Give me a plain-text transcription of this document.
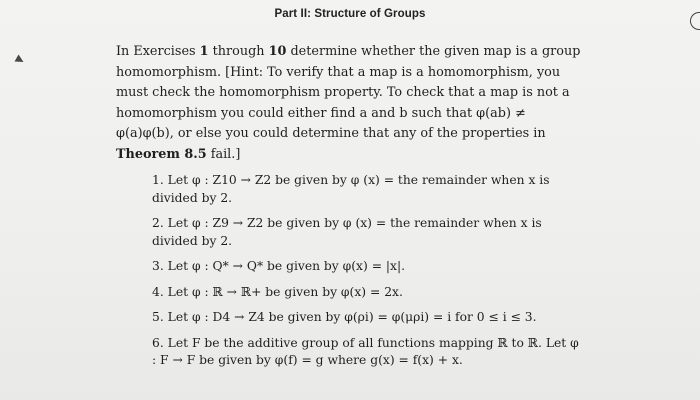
Part II: Structure of Groups
In Exercises 1 through 10 determine whether the given map is a group homomorphism. [Hint: To verify that a map is a homomorphism, you must check the homomorphism property. To check that a map is not a homomorphism you could either find a and b such that φ(ab) ≠ φ(a)φ(b), or else you could determine that any of the properties in Theorem 8.5 fail.]
1. Let φ : Z10 → Z2 be given by φ (x) = the remainder when x is divided by 2.
2. Let φ : Z9 → Z2 be given by φ (x) = the remainder when x is divided by 2.
3. Let φ : Q* → Q* be given by φ(x) = |x|.
4. Let φ : ℝ → ℝ+ be given by φ(x) = 2x.
5. Let φ : D4 → Z4 be given by φ(ρi) = φ(μρi) = i for 0 ≤ i ≤ 3.
6. Let F be the additive group of all functions mapping ℝ to ℝ. Let φ : F → F be given by φ(f) = g where g(x) = f(x) + x.
